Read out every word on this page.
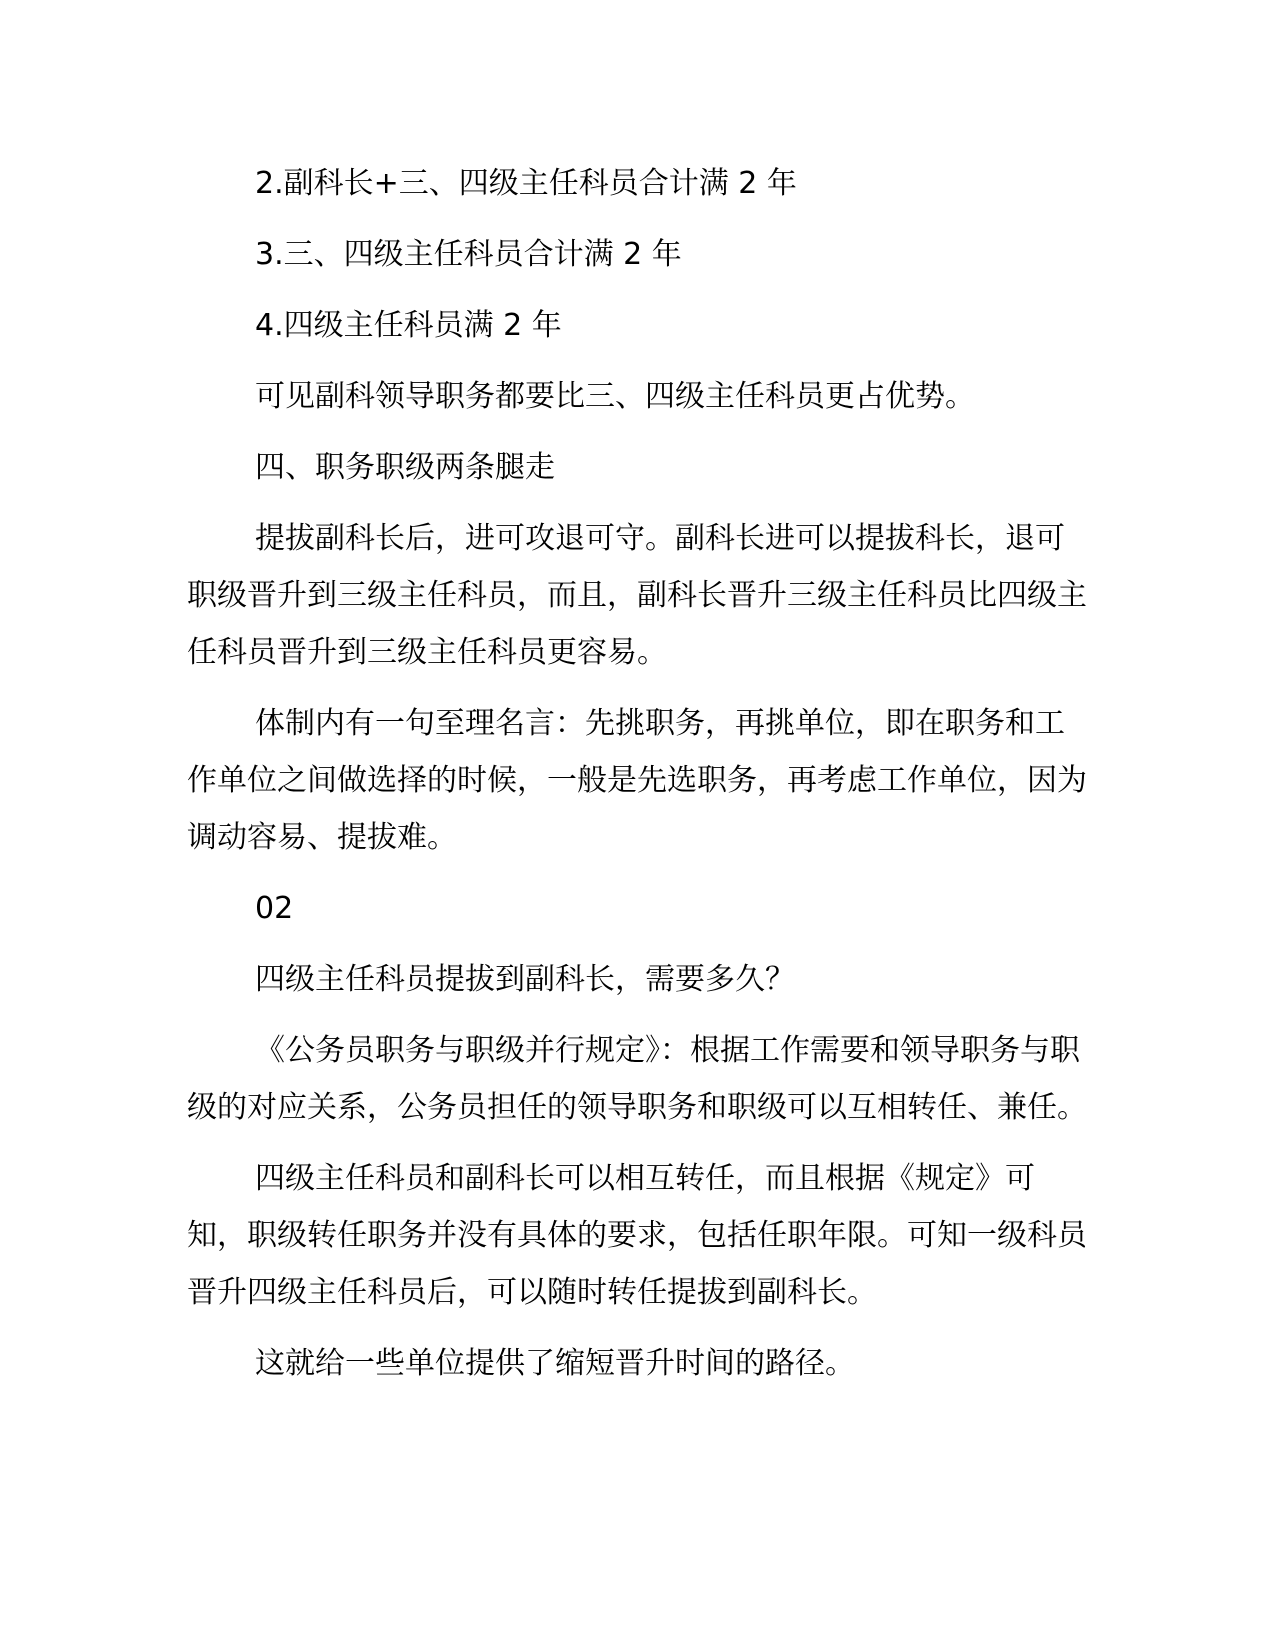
2.副科长+三、四级主任科员合计满 2 年

3.三、四级主任科员合计满 2 年

4.四级主任科员满 2 年

可见副科领导职务都要比三、四级主任科员更占优势。

四、职务职级两条腿走

提拔副科长后，进可攻退可守。副科长进可以提拔科长，退可职级晋升到三级主任科员，而且，副科长晋升三级主任科员比四级主任科员晋升到三级主任科员更容易。

体制内有一句至理名言：先挑职务，再挑单位，即在职务和工作单位之间做选择的时候，一般是先选职务，再考虑工作单位，因为调动容易、提拔难。

02

四级主任科员提拔到副科长，需要多久？

《公务员职务与职级并行规定》：根据工作需要和领导职务与职级的对应关系，公务员担任的领导职务和职级可以互相转任、兼任。

四级主任科员和副科长可以相互转任，而且根据《规定》可知，职级转任职务并没有具体的要求，包括任职年限。可知一级科员晋升四级主任科员后，可以随时转任提拔到副科长。

这就给一些单位提供了缩短晋升时间的路径。
